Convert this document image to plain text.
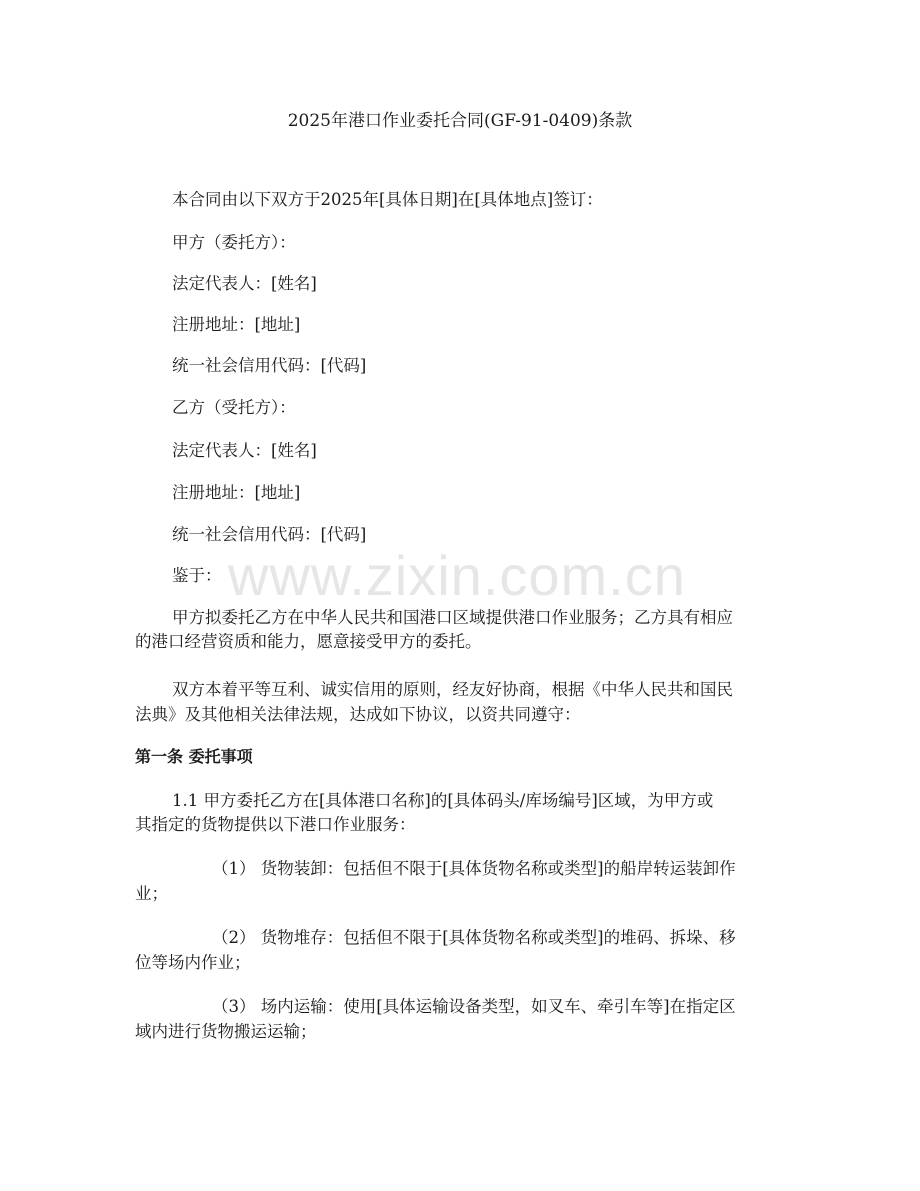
www.zixin.com.cn
2025年港口作业委托合同(GF-91-0409)条款
本合同由以下双方于2025年[具体日期]在[具体地点]签订：
甲方（委托方）：
法定代表人：[姓名]
注册地址：[地址]
统一社会信用代码：[代码]
乙方（受托方）：
法定代表人：[姓名]
注册地址：[地址]
统一社会信用代码：[代码]
鉴于：
甲方拟委托乙方在中华人民共和国港口区域提供港口作业服务；乙方具有相应
的港口经营资质和能力，愿意接受甲方的委托。
双方本着平等互利、诚实信用的原则，经友好协商，根据《中华人民共和国民
法典》及其他相关法律法规，达成如下协议，以资共同遵守：
第一条 委托事项
1.1 甲方委托乙方在[具体港口名称]的[具体码头/库场编号]区域，为甲方或
其指定的货物提供以下港口作业服务：
（1） 货物装卸：包括但不限于[具体货物名称或类型]的船岸转运装卸作
业；
（2） 货物堆存：包括但不限于[具体货物名称或类型]的堆码、拆垛、移
位等场内作业；
（3） 场内运输：使用[具体运输设备类型，如叉车、牵引车等]在指定区
域内进行货物搬运运输；
